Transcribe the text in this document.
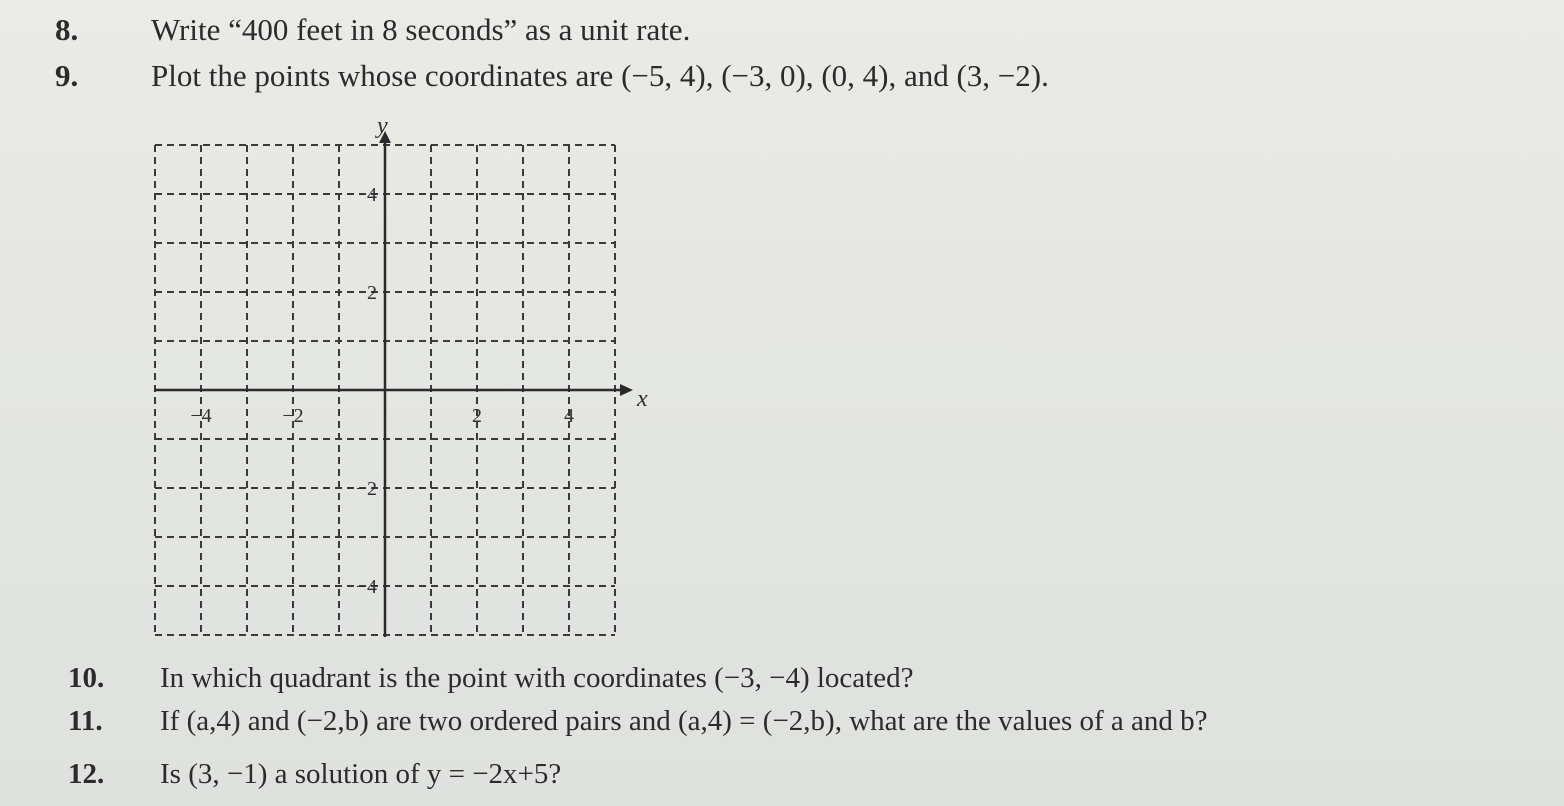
8. Write “400 feet in 8 seconds” as a unit rate.
9. Plot the points whose coordinates are (−5, 4), (−3, 0), (0, 4), and (3, −2).
−4	−2	2	4
4
2
−2
−4
x
y
10. In which quadrant is the point with coordinates (−3, −4) located?
11. If (a,4) and (−2,b) are two ordered pairs and (a,4) = (−2,b), what are the values of a and b?
12. Is (3, −1) a solution of y = −2x+5?
